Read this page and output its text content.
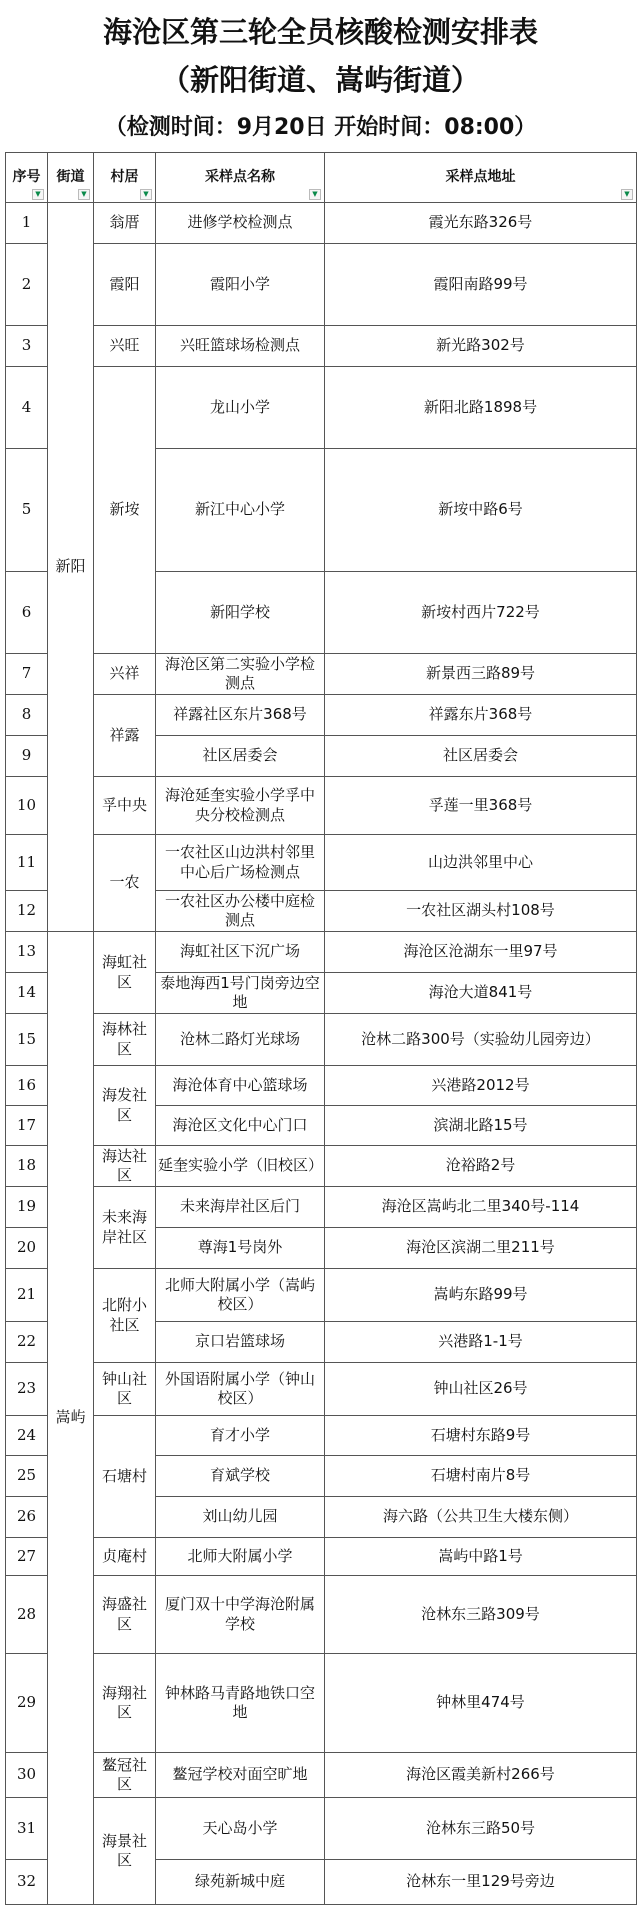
海沧区第三轮全员核酸检测安排表
（新阳街道、嵩屿街道）
（检测时间：9月20日 开始时间：08:00）
序号
▼	街道
▼	村居
▼	采样点名称
▼	采样点地址
▼

1	新阳	翁厝	进修学校检测点	霞光东路326号
2		霞阳	霞阳小学	霞阳南路99号
3		兴旺	兴旺篮球场检测点	新光路302号
4		新垵	龙山小学	新阳北路1898号
5			新江中心小学	新垵中路6号
6			新阳学校	新垵村西片722号
7		兴祥	海沧区第二实验小学检测点	新景西三路89号
8		祥露	祥露社区东片368号	祥露东片368号
9			社区居委会	社区居委会
10		孚中央	海沧延奎实验小学孚中央分校检测点	孚莲一里368号
11		一农	一农社区山边洪村邻里中心后广场检测点	山边洪邻里中心
12			一农社区办公楼中庭检测点	一农社区湖头村108号
13	嵩屿	海虹社区	海虹社区下沉广场	海沧区沧湖东一里97号
14			泰地海西1号门岗旁边空地	海沧大道841号
15		海林社区	沧林二路灯光球场	沧林二路300号（实验幼儿园旁边）
16		海发社区	海沧体育中心篮球场	兴港路2012号
17			海沧区文化中心门口	滨湖北路15号
18		海达社区	延奎实验小学（旧校区）	沧裕路2号
19		未来海岸社区	未来海岸社区后门	海沧区嵩屿北二里340号-114
20			尊海1号岗外	海沧区滨湖二里211号
21		北附小社区	北师大附属小学（嵩屿校区）	嵩屿东路99号
22			京口岩篮球场	兴港路1-1号
23		钟山社区	外国语附属小学（钟山校区）	钟山社区26号
24		石塘村	育才小学	石塘村东路9号
25			育斌学校	石塘村南片8号
26			刘山幼儿园	海六路（公共卫生大楼东侧）
27		贞庵村	北师大附属小学	嵩屿中路1号
28		海盛社区	厦门双十中学海沧附属学校	沧林东三路309号
29		海翔社区	钟林路马青路地铁口空地	钟林里474号
30		鳌冠社区	鳌冠学校对面空旷地	海沧区霞美新村266号
31		海景社区	天心岛小学	沧林东三路50号
32			绿苑新城中庭	沧林东一里129号旁边
